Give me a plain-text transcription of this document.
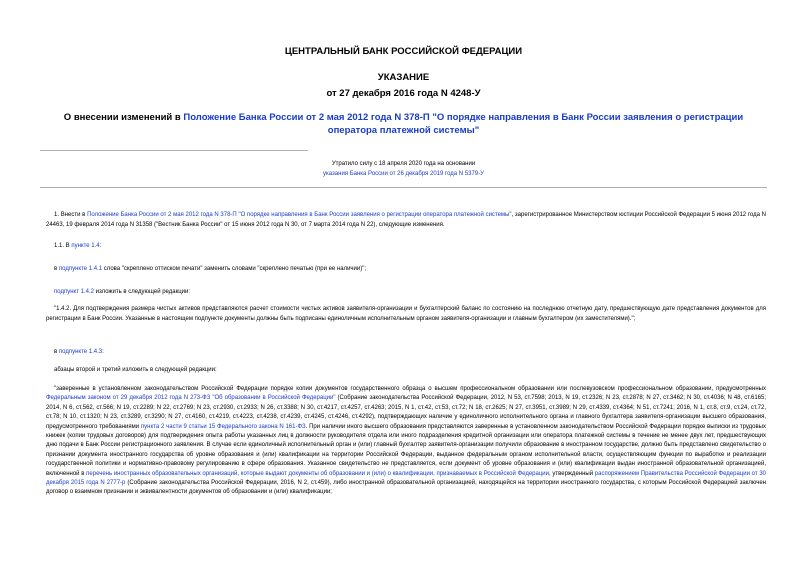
ЦЕНТРАЛЬНЫЙ БАНК РОССИЙСКОЙ ФЕДЕРАЦИИ
УКАЗАНИЕ
от 27 декабря 2016 года N 4248-У
О внесении изменений в Положение Банка России от 2 мая 2012 года N 378-П "О порядке направления в Банк России заявления о регистрации оператора платежной системы"
Утратило силу с 18 апреля 2020 года на основании
указания Банка России от 26 декабря 2019 года N 5379-У
1. Внести в Положение Банка России от 2 мая 2012 года N 378-П "О порядке направления в Банк России заявления о регистрации оператора платежной системы", зарегистрированное Министерством юстиции Российской Федерации 5 июня 2012 года N 24463, 19 февраля 2014 года N 31358 ("Вестник Банка России" от 15 июня 2012 года N 30, от 7 марта 2014 года N 22), следующие изменения.
1.1. В пункте 1.4:
в подпункте 1.4.1 слова "скреплено оттиском печати" заменить словами "скреплено печатью (при ее наличии)";
подпункт 1.4.2 изложить в следующей редакции:
"1.4.2. Для подтверждения размера чистых активов представляются расчет стоимости чистых активов заявителя-организации и бухгалтерский баланс по состоянию на последнюю отчетную дату, предшествующую дате представления документов для регистрации в Банк России. Указанные в настоящем подпункте документы должны быть подписаны единоличным исполнительным органом заявителя-организации и главным бухгалтером (их заместителями).";
в подпункте 1.4.3:
абзацы второй и третий изложить в следующей редакции:
"заверенные в установленном законодательством Российской Федерации порядке копии документов государственного образца о высшем профессиональном образовании или послевузовском профессиональном образовании, предусмотренных Федеральным законом от 29 декабря 2012 года N 273-ФЗ "Об образовании в Российской Федерации" (Собрание законодательства Российской Федерации, 2012, N 53, ст.7598; 2013, N 19, ст.2326; N 23, ст.2878; N 27, ст.3462; N 30, ст.4036; N 48, ст.6165; 2014, N 6, ст.562, ст.566; N 19, ст.2289; N 22, ст.2769; N 23, ст.2930, ст.2933; N 26, ст.3388; N 30, ст.4217, ст.4257, ст.4263; 2015, N 1, ст.42, ст.53, ст.72; N 18, ст.2625; N 27, ст.3951, ст.3989; N 29, ст.4339, ст.4364; N 51, ст.7241; 2016, N 1, ст.8, ст.9, ст.24, ст.72, ст.78; N 10, ст.1320; N 23, ст.3289, ст.3290; N 27, ст.4160, ст.4219, ст.4223, ст.4238, ст.4239, ст.4245, ст.4246, ст.4292), подтверждающих наличие у единоличного исполнительного органа и главного бухгалтера заявителя-организации высшего образования, предусмотренного требованиями пункта 2 части 9 статьи 15 Федерального закона N 161-ФЗ. При наличии иного высшего образования представляются заверенные в установленном законодательством Российской Федерации порядке выписки из трудовых книжек (копии трудовых договоров) для подтверждения опыта работы указанных лиц в должности руководителя отдела или иного подразделения кредитной организации или оператора платежной системы в течение не менее двух лет, предшествующих дню подачи в Банк России регистрационного заявления. В случае если единоличный исполнительный орган и (или) главный бухгалтер заявителя-организации получили образование в иностранном государстве, должно быть представлено свидетельство о признании документа иностранного государства об уровне образования и (или) квалификации на территории Российской Федерации, выданное федеральным органом исполнительной власти, осуществляющим функции по выработке и реализации государственной политики и нормативно-правовому регулированию в сфере образования. Указанное свидетельство не представляется, если документ об уровне образования и (или) квалификации выдан иностранной образовательной организацией, включенной в перечень иностранных образовательных организаций, которые выдают документы об образовании и (или) о квалификации, признаваемых в Российской Федерации, утвержденный распоряжением Правительства Российской Федерации от 30 декабря 2015 года N 2777-р (Собрание законодательства Российской Федерации, 2016, N 2, ст.459), либо иностранной образовательной организацией, находящейся на территории иностранного государства, с которым Российской Федерацией заключен договор о взаимном признании и эквивалентности документов об образовании и (или) квалификации;
